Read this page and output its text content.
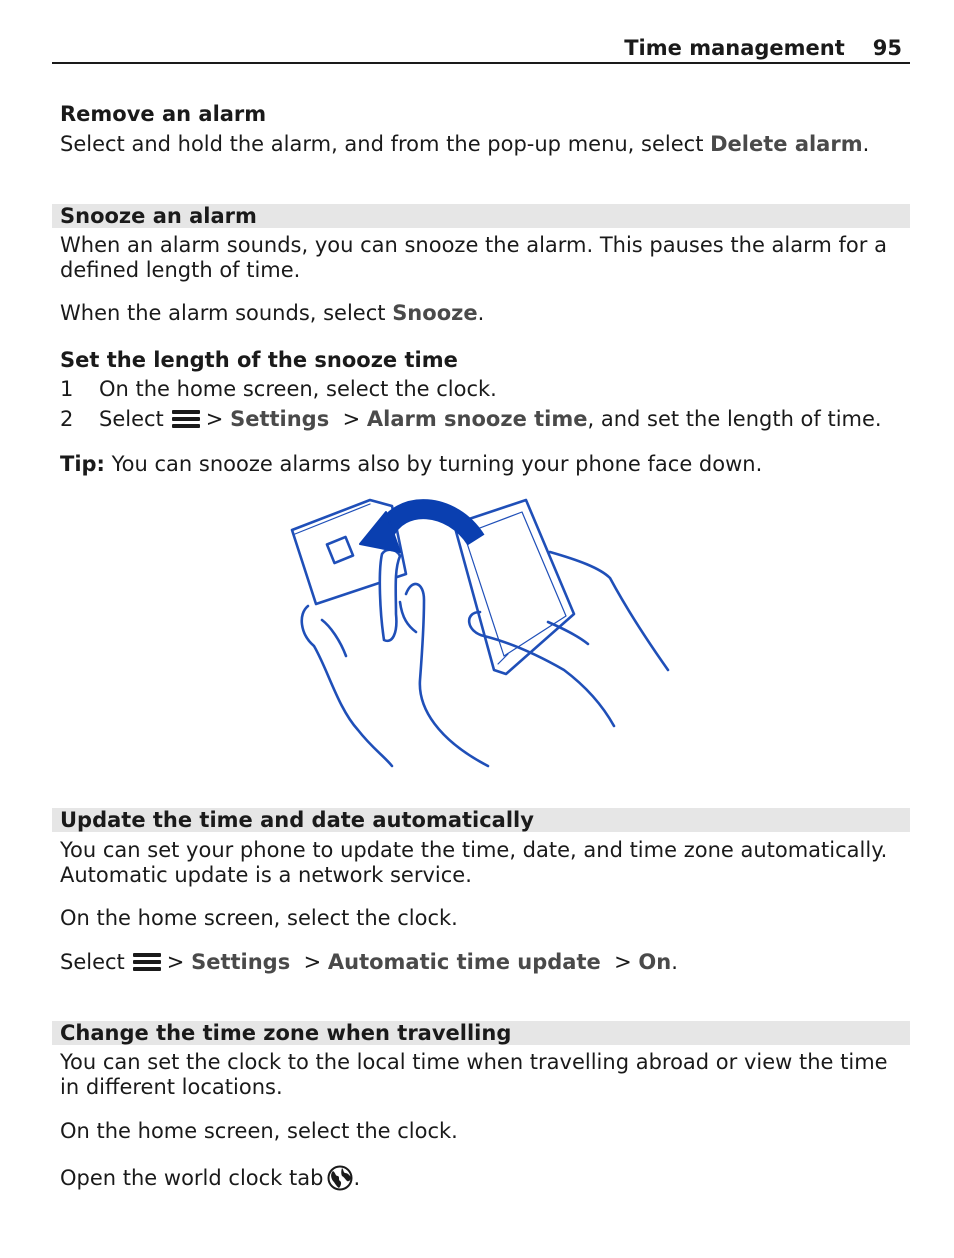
Time management 95
Remove an alarm
Select and hold the alarm, and from the pop-up menu, select Delete alarm.
Snooze an alarm
When an alarm sounds, you can snooze the alarm. This pauses the alarm for a defined length of time.
When the alarm sounds, select Snooze.
Set the length of the snooze time
1 On the home screen, select the clock.
2 Select > Settings > Alarm snooze time, and set the length of time.
Tip: You can snooze alarms also by turning your phone face down.
Update the time and date automatically
You can set your phone to update the time, date, and time zone automatically. Automatic update is a network service.
On the home screen, select the clock.
Select > Settings > Automatic time update > On.
Change the time zone when travelling
You can set the clock to the local time when travelling abroad or view the time in different locations.
On the home screen, select the clock.
Open the world clock tab .
